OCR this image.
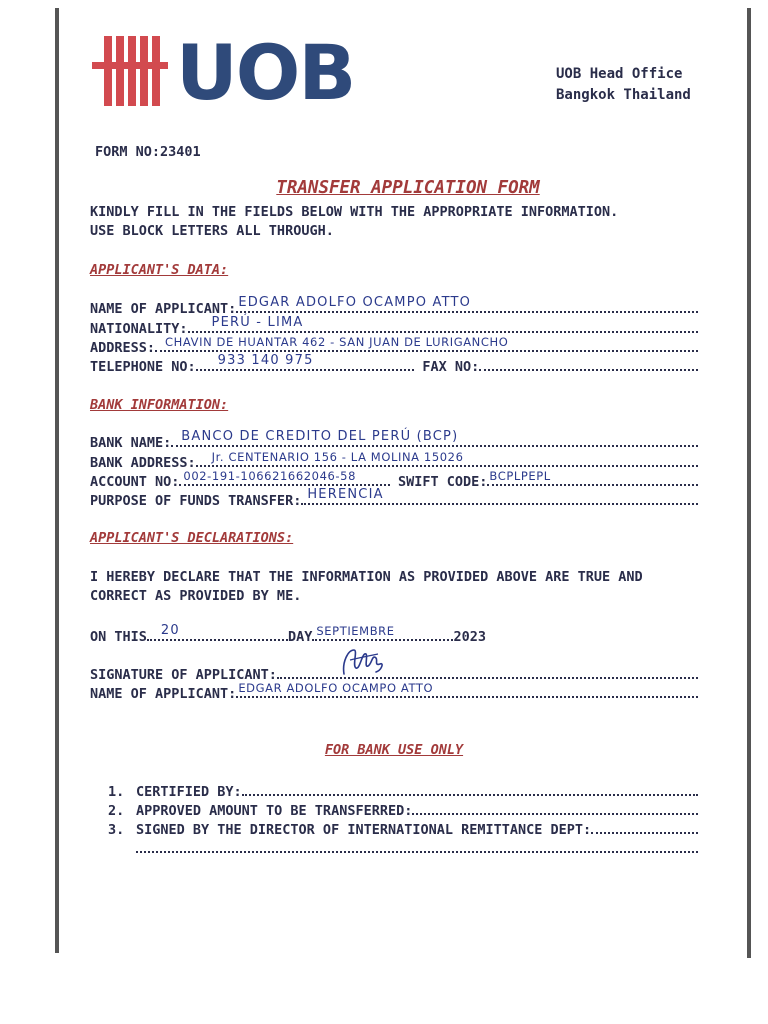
UOB	UOB Head Office
Bangkok Thailand
FORM NO:23401
TRANSFER APPLICATION FORM
KINDLY FILL IN THE FIELDS BELOW WITH THE APPROPRIATE INFORMATION.
USE BLOCK LETTERS ALL THROUGH.
APPLICANT'S DATA:
NAME OF APPLICANT: EDGAR ADOLFO OCAMPO ATTO
NATIONALITY: PERÚ - LIMA
ADDRESS: CHAVIN DE HUANTAR 462 - SAN JUAN DE LURIGANCHO
TELEPHONE NO: 933 140 975	FAX NO:
BANK INFORMATION:
BANK NAME: BANCO DE CREDITO DEL PERÚ (BCP)
BANK ADDRESS: Jr. CENTENARIO 156 - LA MOLINA 15026
ACCOUNT NO: 002-191-106621662046-58	SWIFT CODE: BCPLPEPL
PURPOSE OF FUNDS TRANSFER: HERENCIA
APPLICANT'S DECLARATIONS:
I HEREBY DECLARE THAT THE INFORMATION AS PROVIDED ABOVE ARE TRUE AND
CORRECT AS PROVIDED BY ME.
ON THIS 20	DAY SEPTIEMBRE	2023
SIGNATURE OF APPLICANT:
NAME OF APPLICANT: EDGAR ADOLFO OCAMPO ATTO
FOR BANK USE ONLY
1. CERTIFIED BY:
2. APPROVED AMOUNT TO BE TRANSFERRED:
3. SIGNED BY THE DIRECTOR OF INTERNATIONAL REMITTANCE DEPT:
